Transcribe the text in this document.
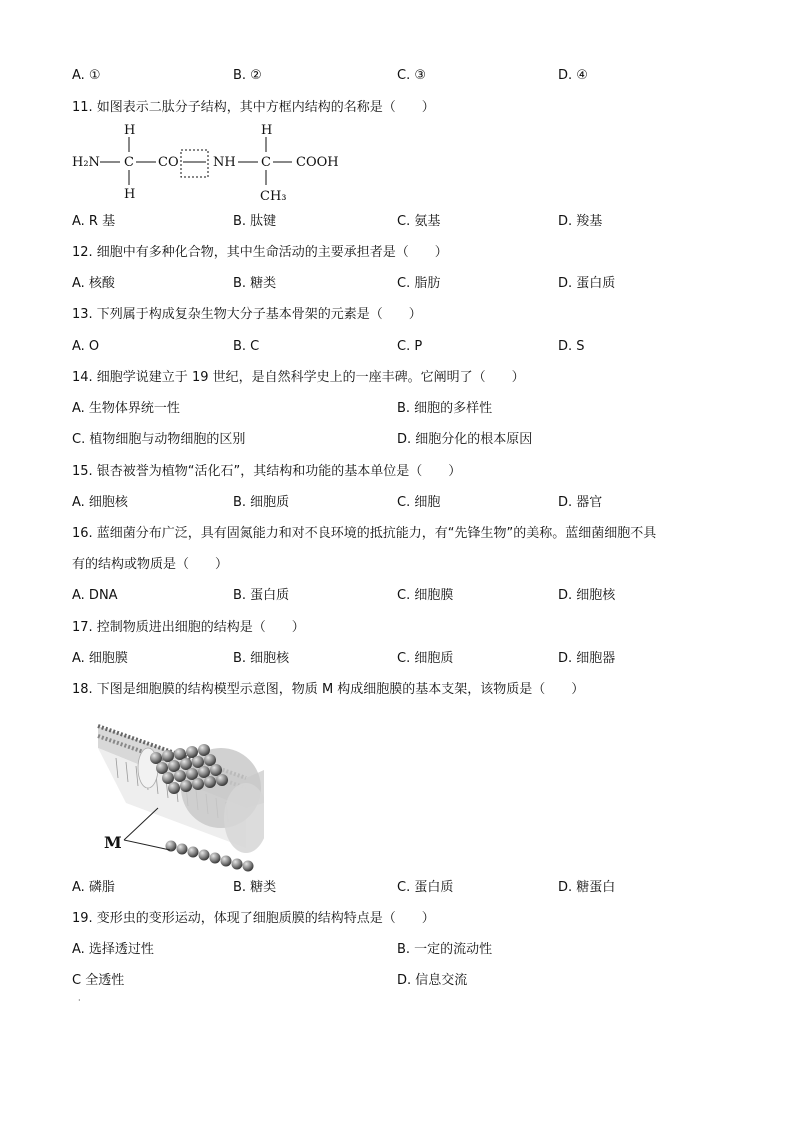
A. ①	B. ②	C. ③	D. ④
11. 如图表示二肽分子结构，其中方框内结构的名称是（　　）
H	H
H₂N C CO	NH C COOH
H	CH₃
A. R 基	B. 肽键	C. 氨基	D. 羧基
12. 细胞中有多种化合物，其中生命活动的主要承担者是（　　）
A. 核酸	B. 糖类	C. 脂肪	D. 蛋白质
13. 下列属于构成复杂生物大分子基本骨架的元素是（　　）
A. O	B. C	C. P	D. S
14. 细胞学说建立于 19 世纪，是自然科学史上的一座丰碑。它阐明了（　　）
A. 生物体界统一性	B. 细胞的多样性
C. 植物细胞与动物细胞的区别	D. 细胞分化的根本原因
15. 银杏被誉为植物“活化石”，其结构和功能的基本单位是（　　）
A. 细胞核	B. 细胞质	C. 细胞	D. 器官
16. 蓝细菌分布广泛，具有固氮能力和对不良环境的抵抗能力，有“先锋生物”的美称。蓝细菌细胞不具
有的结构或物质是（　　）
A. DNA	B. 蛋白质	C. 细胞膜	D. 细胞核
17. 控制物质进出细胞的结构是（　　）
A. 细胞膜	B. 细胞核	C. 细胞质	D. 细胞器
18. 下图是细胞膜的结构模型示意图，物质 M 构成细胞膜的基本支架，该物质是（　　）
M
A. 磷脂	B. 糖类	C. 蛋白质	D. 糖蛋白
19. 变形虫的变形运动，体现了细胞质膜的结构特点是（　　）
A. 选择透过性	B. 一定的流动性
C 全透性	D. 信息交流
·
